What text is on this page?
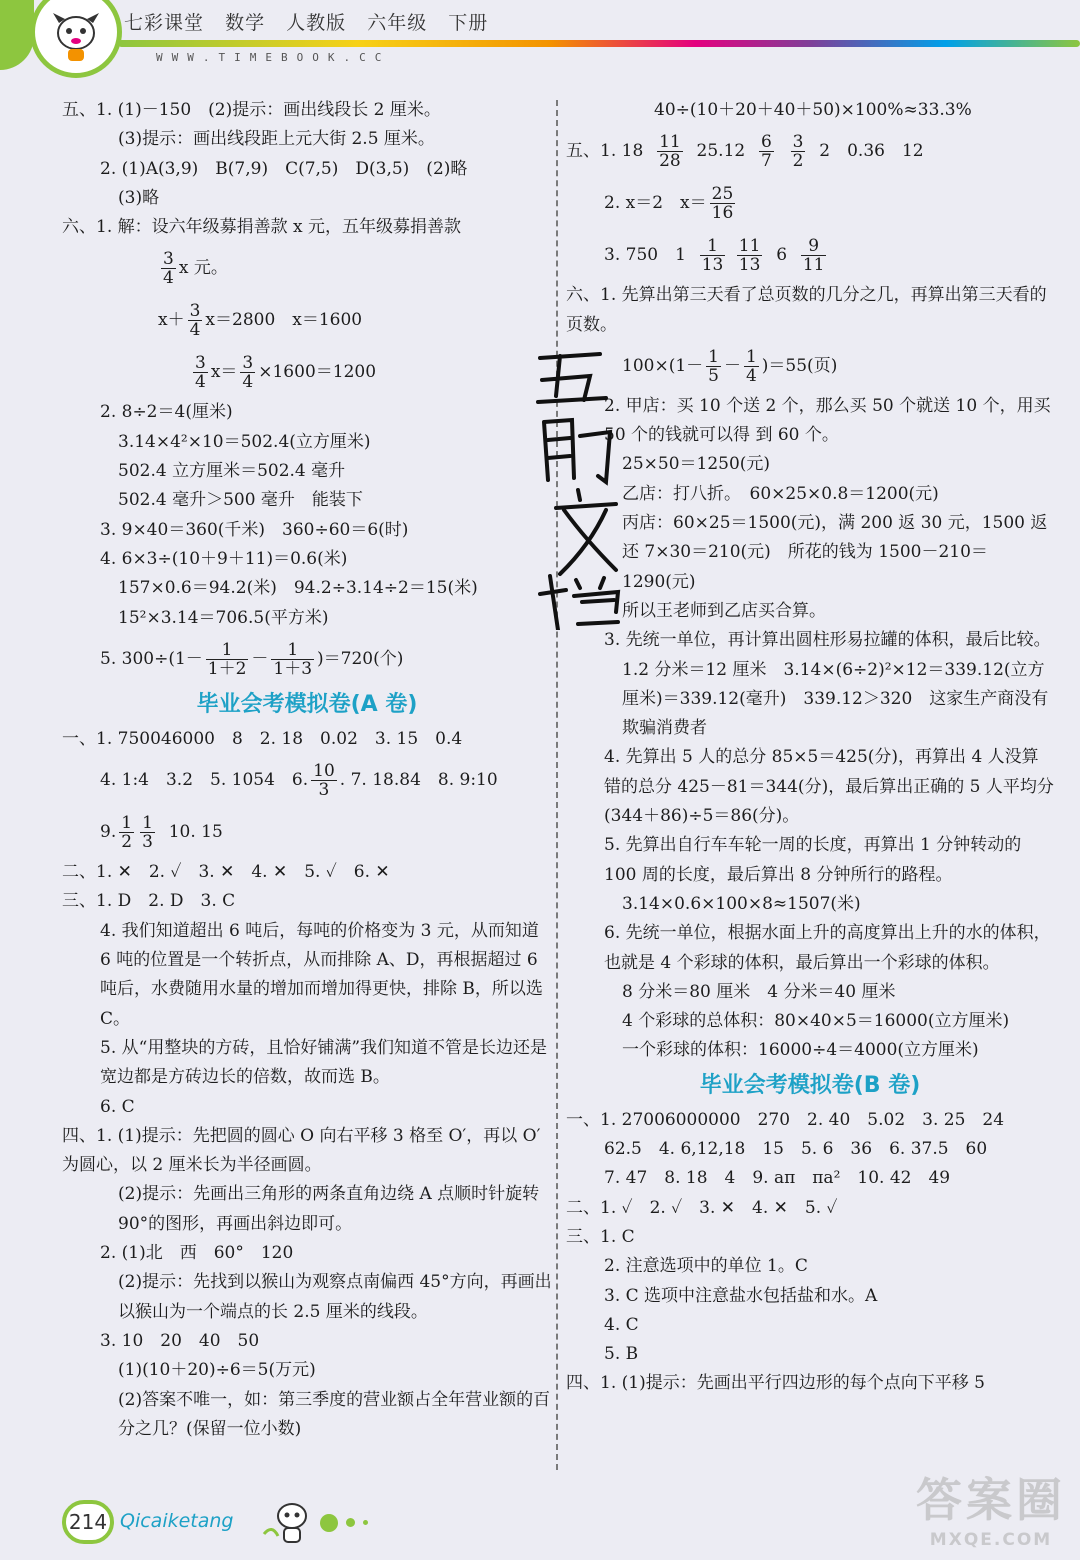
七彩课堂 数学 人教版 六年级 下册
WWW.TIMEBOOK.CC
五、1. (1)－150　(2)提示：画出线段长 2 厘米。
(3)提示：画出线段距上元大街 2.5 厘米。
2. (1)A(3,9)　B(7,9)　C(7,5)　D(3,5)　(2)略
(3)略
六、1. 解：设六年级募捐善款 x 元，五年级募捐善款
$\frac{3}{4}$ x 元。
$x+ \frac{3}{4} x=2800$　x＝1600
$\frac{3}{4} x= \frac{3}{4} \times 1600=1200$
2. 8÷2＝4(厘米)
3.14×4²×10＝502.4(立方厘米)
502.4 立方厘米＝502.4 毫升
502.4 毫升＞500 毫升　能装下
3. 9×40＝360(千米)　360÷60＝6(时)
4. 6×3÷(10＋9＋11)＝0.6(米)
157×0.6＝94.2(米)　94.2÷3.14÷2＝15(米)
15²×3.14＝706.5(平方米)
5. $300\div(1- \frac{1}{1+2} - \frac{1}{1+3} )=720$(个)
毕业会考模拟卷(A 卷)
一、1. 750046000　8　2. 18　0.02　3. 15　0.4
4. 1:4　3.2　5. 1054　6. $\frac{10}{3}$ . 7. 18.84　8. 9:10
9. $\frac{1}{2} \frac{1}{3} 10$. 15
二、1. ✕　2. ✓　3. ✕　4. ✕　5. ✓　6. ✕
三、1. D　2. D　3. C
4. 我们知道超出 6 吨后，每吨的价格变为 3 元，从而知道 6 吨的位置是一个转折点，从而排除 A、D，再根据超过 6 吨后，水费随用水量的增加而增加得更快，排除 B，所以选 C。
5. 从“用整块的方砖，且恰好铺满”我们知道不管是长边还是宽边都是方砖边长的倍数，故而选 B。
6. C
四、1. (1)提示：先把圆的圆心 O 向右平移 3 格至 O′，再以 O′为圆心，以 2 厘米长为半径画圆。
(2)提示：先画出三角形的两条直角边绕 A 点顺时针旋转 90°的图形，再画出斜边即可。
2. (1)北　西　60°　120
(2)提示：先找到以猴山为观察点南偏西 45°方向，再画出以猴山为一个端点的长 2.5 厘米的线段。
3. 10　20　40　50
(1)(10＋20)÷6＝5(万元)
(2)答案不唯一，如：第三季度的营业额占全年营业额的百分之几？(保留一位小数)
40÷(10＋20＋40＋50)×100%≈33.3%
五、1. $18 \frac{11}{28} 25.12 \frac{6}{7}$
$\frac{3}{2} 2$　0.36　12
2. x＝2　$x= \frac{25}{16}$
3. 750　$1 \frac{1}{13}$
$\frac{11}{13} 6 \frac{9}{11}$
六、1. 先算出第三天看了总页数的几分之几，再算出第三天看的页数。
$100\times(1- \frac{1}{5} - \frac{1}{4} )=55$(页)
2. 甲店：买 10 个送 2 个，那么买 50 个就送 10 个，用买 50 个的钱就可以得 到 60 个。
25×50＝1250(元)
乙店：打八折。　60×25×0.8＝1200(元)
丙店：60×25＝1500(元)，满 200 返 30 元，1500 返还 7×30＝210(元)　所花的钱为 1500－210＝1290(元)
所以王老师到乙店买合算。
3. 先统一单位，再计算出圆柱形易拉罐的体积，最后比较。
1.2 分米＝12 厘米　3.14×(6÷2)²×12＝339.12(立方厘米)＝339.12(毫升)　339.12＞320　这家生产商没有欺骗消费者
4. 先算出 5 人的总分 85×5＝425(分)，再算出 4 人没算错的总分 425－81＝344(分)，最后算出正确的 5 人平均分(344＋86)÷5＝86(分)。
5. 先算出自行车车轮一周的长度，再算出 1 分钟转动的 100 周的长度，最后算出 8 分钟所行的路程。
3.14×0.6×100×8≈1507(米)
6. 先统一单位，根据水面上升的高度算出上升的水的体积，也就是 4 个彩球的体积，最后算出一个彩球的体积。
8 分米＝80 厘米　4 分米＝40 厘米
4 个彩球的总体积：80×40×5＝16000(立方厘米)
一个彩球的体积：16000÷4＝4000(立方厘米)
毕业会考模拟卷(B 卷)
一、1. 27006000000　270　2. 40　5.02　3. 25　24
62.5　4. 6,12,18　15　5. 6　36　6. 37.5　60
7. 47　8. 18　4　9. aπ　πa²　10. 42　49
二、1. ✓　2. ✓　3. ✕　4. ✕　5. ✓
三、1. C
2. 注意选项中的单位 1。C
3. C 选项中注意盐水包括盐和水。A
4. C
5. B
四、1. (1)提示：先画出平行四边形的每个点向下平移 5
214 Qicaiketang	答案圈
MXQE.COM
